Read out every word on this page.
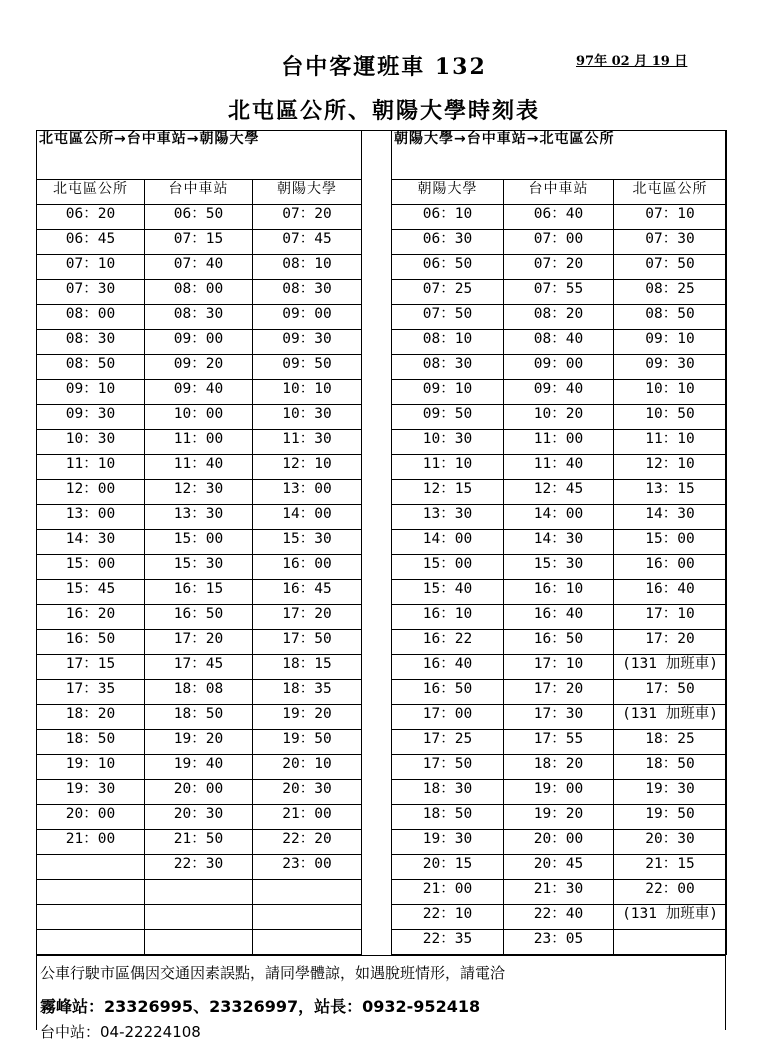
台中客運班車 132	97年 02 月 19 日
北屯區公所、朝陽大學時刻表
北屯區公所→台中車站→朝陽大學		
北屯區公所	台中車站	朝陽大學
06：20	06：50	07：20
06：45	07：15	07：45
07：10	07：40	08：10
07：30	08：00	08：30
08：00	08：30	09：00
08：30	09：00	09：30
08：50	09：20	09：50
09：10	09：40	10：10
09：30	10：00	10：30
10：30	11：00	11：30
11：10	11：40	12：10
12：00	12：30	13：00
13：00	13：30	14：00
14：30	15：00	15：30
15：00	15：30	16：00
15：45	16：15	16：45
16：20	16：50	17：20
16：50	17：20	17：50
17：15	17：45	18：15
17：35	18：08	18：35
18：20	18：50	19：20
18：50	19：20	19：50
19：10	19：40	20：10
19：30	20：00	20：30
20：00	20：30	21：00
21：00	21：50	22：20
	22：30	23：00

朝陽大學→台中車站→北屯區公所		
朝陽大學	台中車站	北屯區公所
06：10	06：40	07：10
06：30	07：00	07：30
06：50	07：20	07：50
07：25	07：55	08：25
07：50	08：20	08：50
08：10	08：40	09：10
08：30	09：00	09：30
09：10	09：40	10：10
09：50	10：20	10：50
10：30	11：00	11：10
11：10	11：40	12：10
12：15	12：45	13：15
13：30	14：00	14：30
14：00	14：30	15：00
15：00	15：30	16：00
15：40	16：10	16：40
16：10	16：40	17：10
16：22	16：50	17：20
16：40	17：10	(131 加班車)
16：50	17：20	17：50
17：00	17：30	(131 加班車)
17：25	17：55	18：25
17：50	18：20	18：50
18：30	19：00	19：30
18：50	19：20	19：50
19：30	20：00	20：30
20：15	20：45	21：15
21：00	21：30	22：00
22：10	22：40	(131 加班車)
22：35	23：05	
公車行駛市區偶因交通因素誤點，請同學體諒，如遇脫班情形，請電洽
霧峰站：23326995、23326997，站長：0932-952418
台中站：04-22224108
